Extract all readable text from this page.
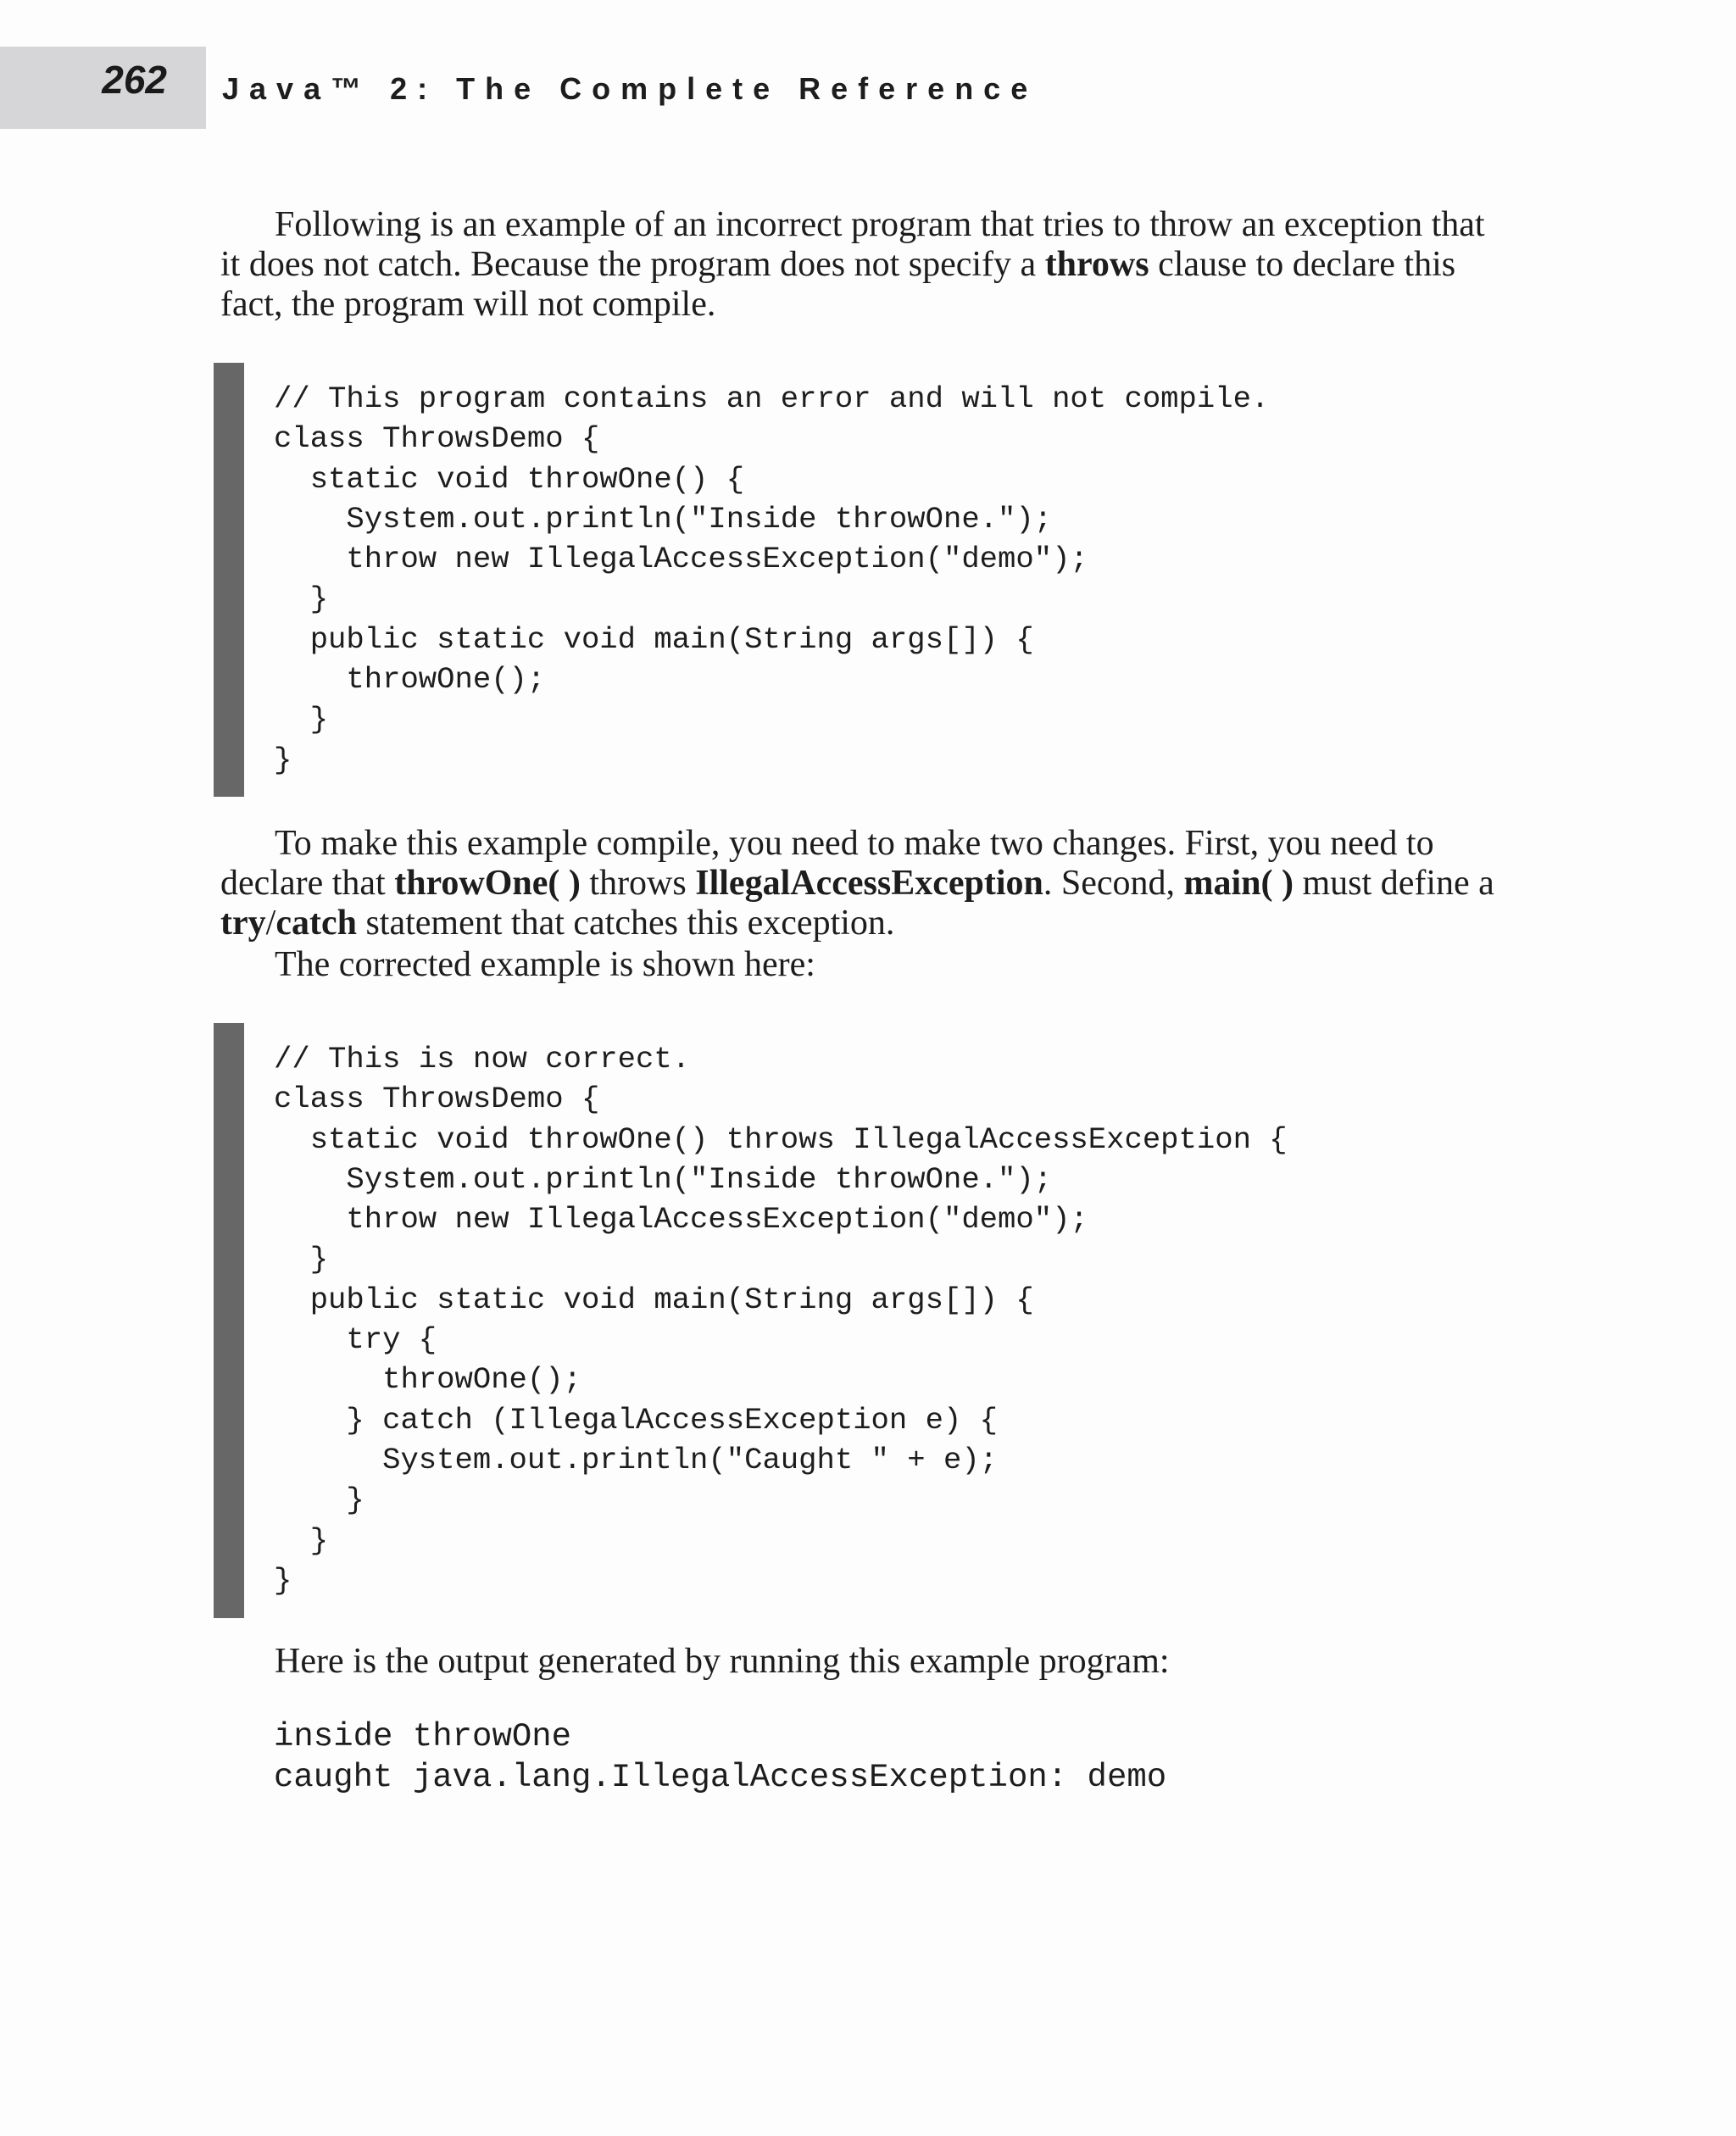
262 Java™ 2: The Complete Reference

Following is an example of an incorrect program that tries to throw an exception that it does not catch. Because the program does not specify a throws clause to declare this fact, the program will not compile.

// This program contains an error and will not compile.
class ThrowsDemo {
static void throwOne() {
System.out.println("Inside throwOne.");
throw new IllegalAccessException("demo");
}
public static void main(String args[]) {
throwOne();
}
}

To make this example compile, you need to make two changes. First, you need to declare that throwOne( ) throws IllegalAccessException. Second, main( ) must define a try/catch statement that catches this exception.

The corrected example is shown here:

// This is now correct.
class ThrowsDemo {
static void throwOne() throws IllegalAccessException {
System.out.println("Inside throwOne.");
throw new IllegalAccessException("demo");
}
public static void main(String args[]) {
try {
throwOne();
} catch (IllegalAccessException e) {
System.out.println("Caught " + e);
}
}
}

Here is the output generated by running this example program:

inside throwOne
caught java.lang.IllegalAccessException: demo
